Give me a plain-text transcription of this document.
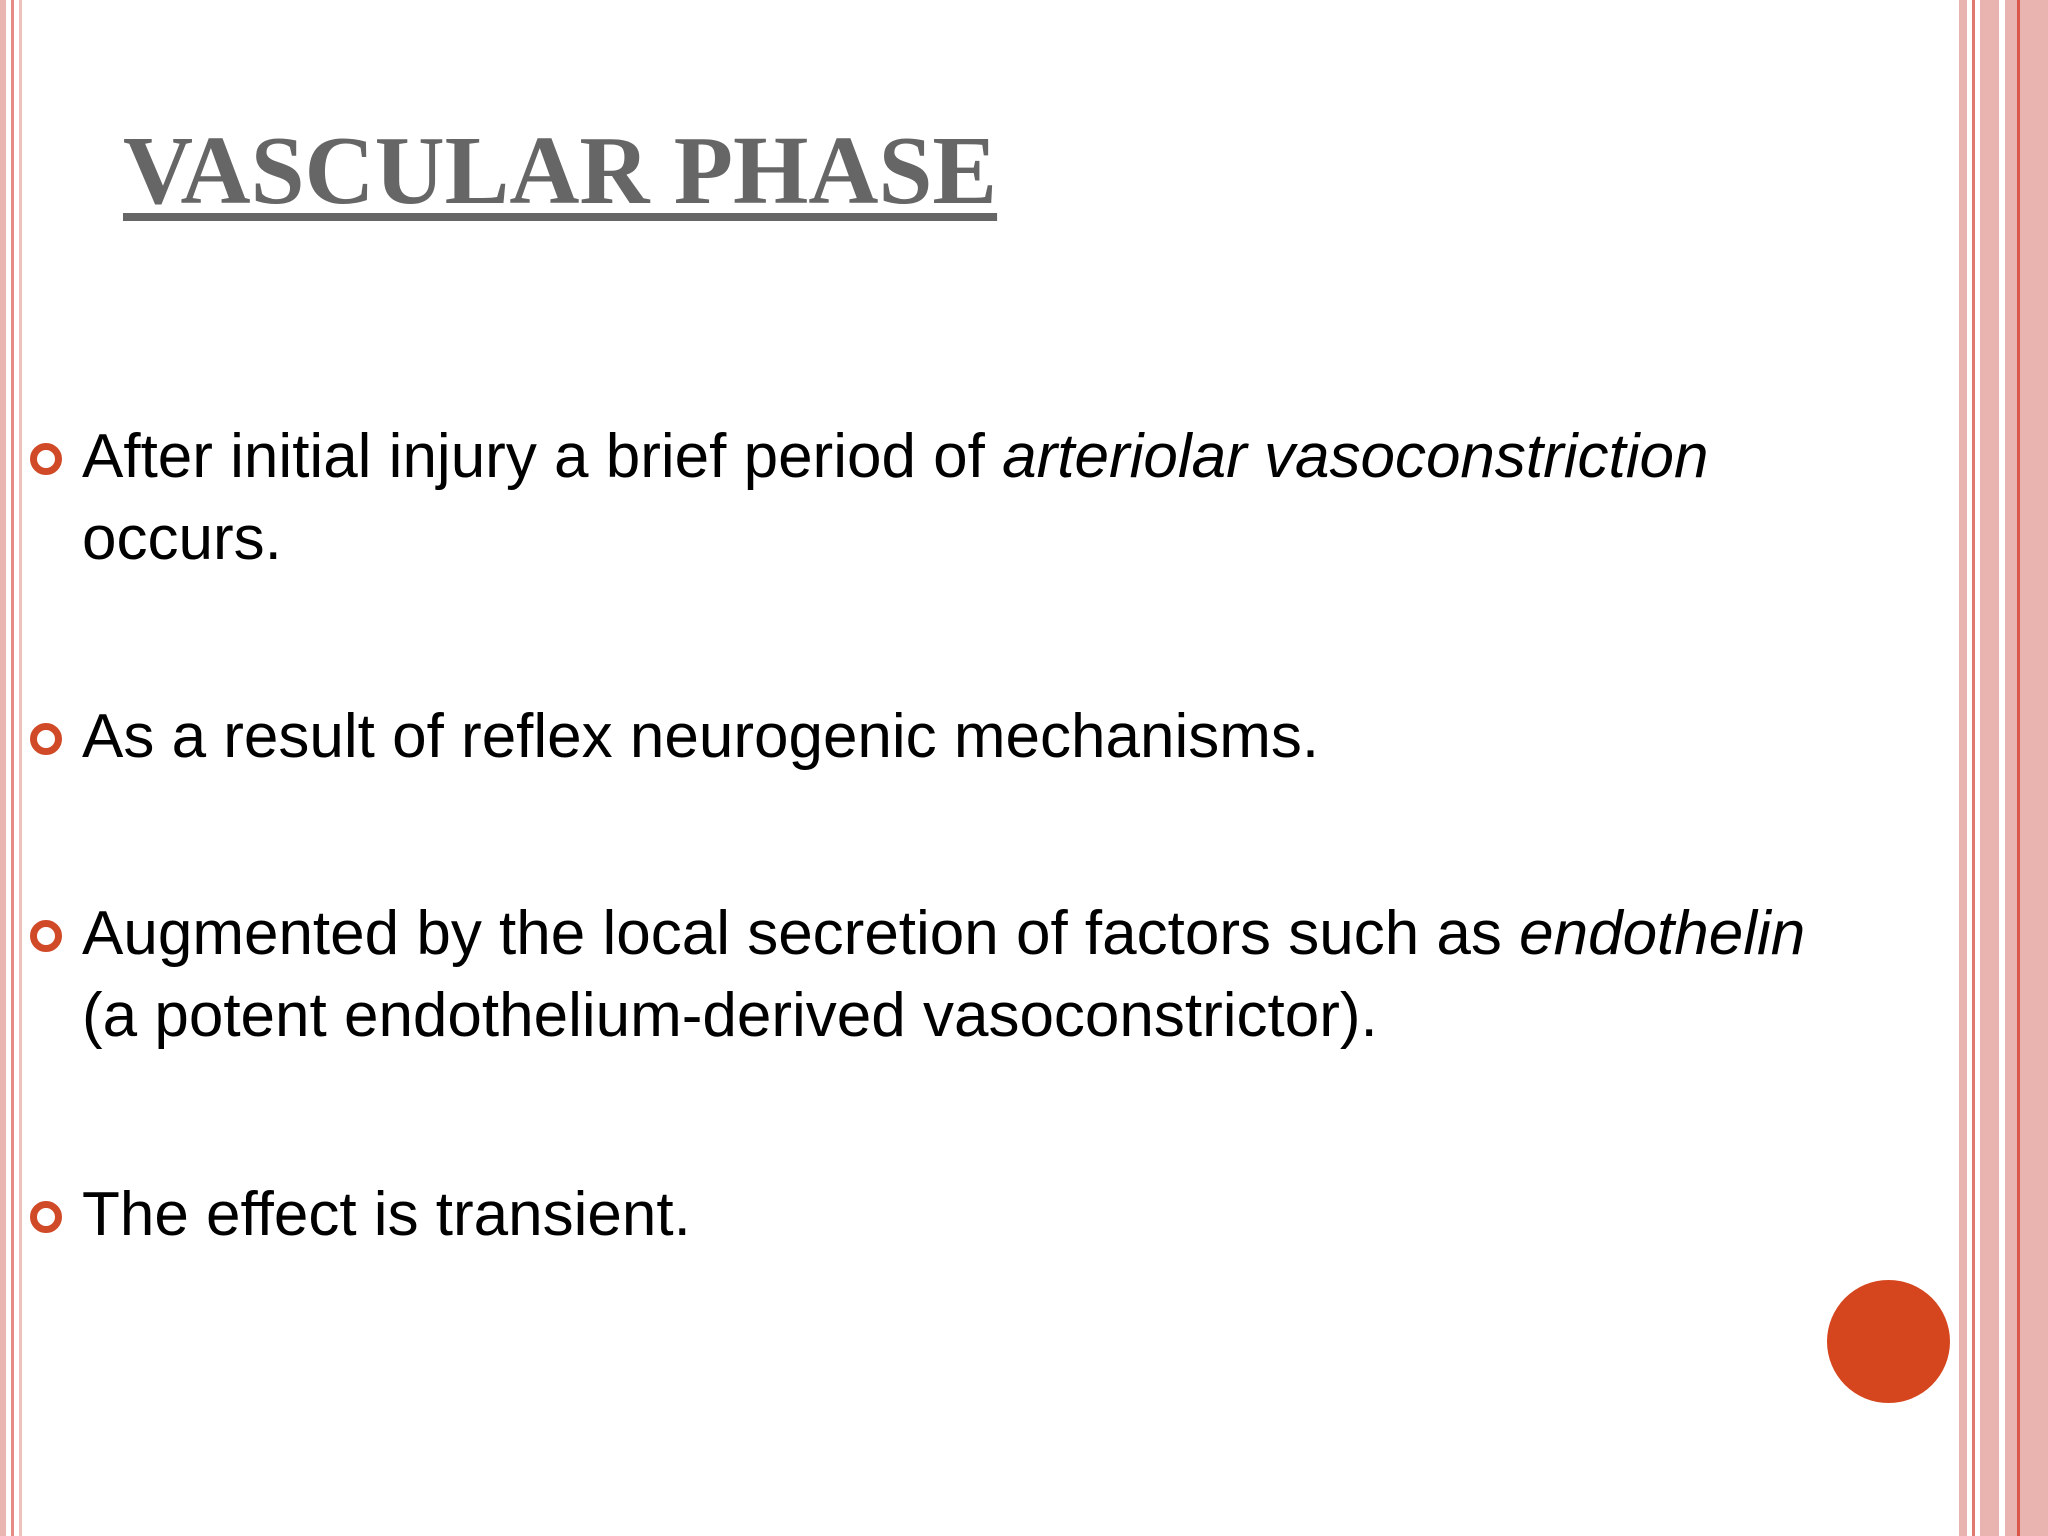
VASCULAR PHASE
After initial injury a brief period of arteriolar vasoconstriction
occurs.
As a result of reflex neurogenic mechanisms.
Augmented by the local secretion of factors such as endothelin
(a potent endothelium-derived vasoconstrictor).
The effect is transient.
